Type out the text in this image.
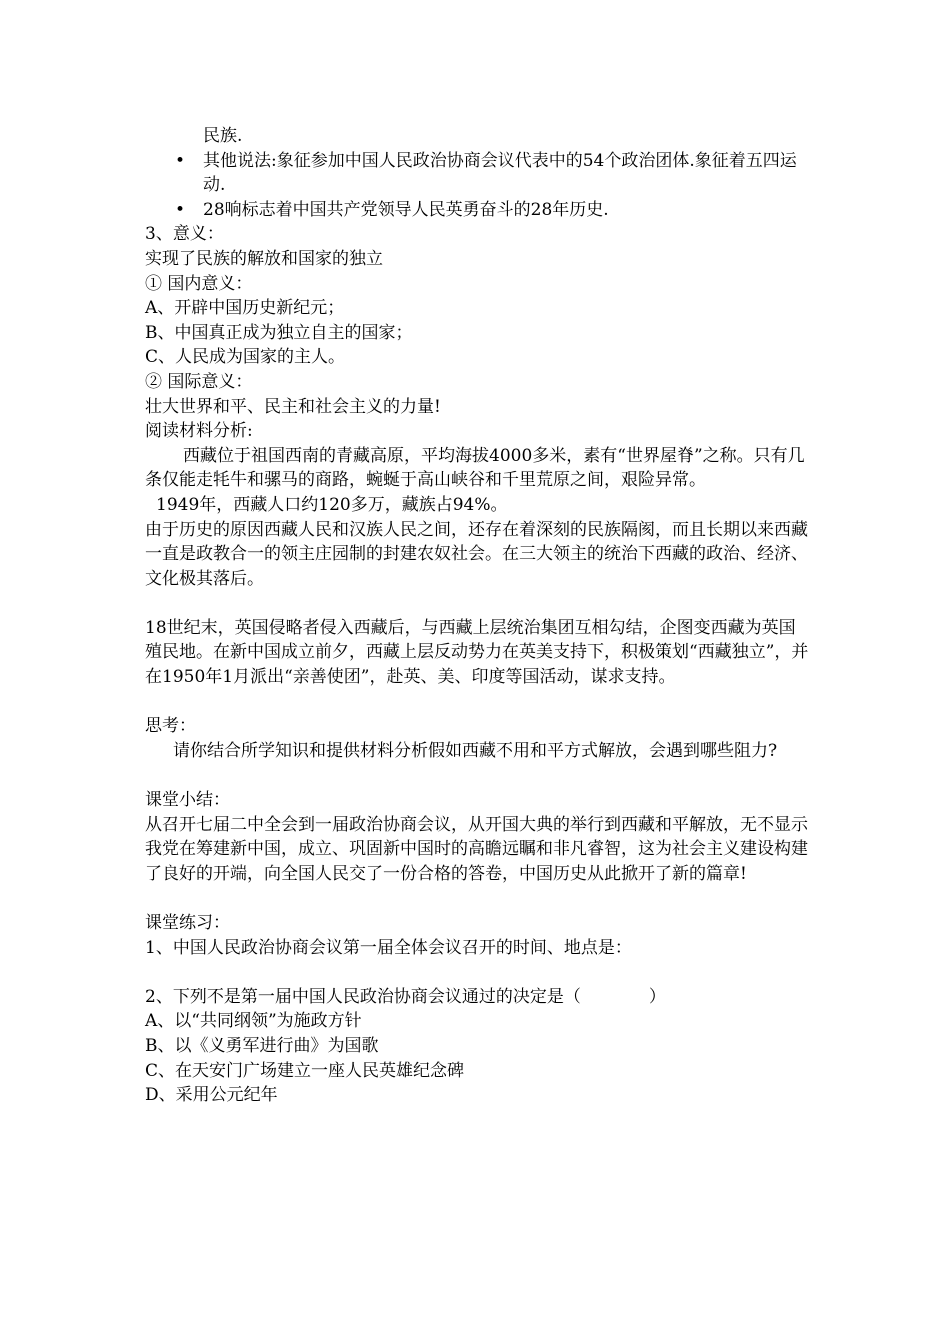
民族.

•	其他说法:象征参加中国人民政治协商会议代表中的54个政治团体.象征着五四运动.
•	28响标志着中国共产党领导人民英勇奋斗的28年历史.

3、意义：

实现了民族的解放和国家的独立

① 国内意义：

A、开辟中国历史新纪元；

B、中国真正成为独立自主的国家；

C、人民成为国家的主人。

② 国际意义：

壮大世界和平、民主和社会主义的力量!

阅读材料分析:

西藏位于祖国西南的青藏高原，平均海拔4000多米，素有“世界屋脊”之称。只有几条仅能走牦牛和骡马的商路，蜿蜒于高山峡谷和千里荒原之间，艰险异常。

1949年，西藏人口约120多万，藏族占94%。

由于历史的原因西藏人民和汉族人民之间，还存在着深刻的民族隔阂，而且长期以来西藏一直是政教合一的领主庄园制的封建农奴社会。在三大领主的统治下西藏的政治、经济、文化极其落后。

18世纪末，英国侵略者侵入西藏后，与西藏上层统治集团互相勾结，企图变西藏为英国殖民地。在新中国成立前夕，西藏上层反动势力在英美支持下，积极策划“西藏独立”，并在1950年1月派出“亲善使团”，赴英、美、印度等国活动，谋求支持。

思考：

请你结合所学知识和提供材料分析假如西藏不用和平方式解放，会遇到哪些阻力?

课堂小结：

从召开七届二中全会到一届政治协商会议，从开国大典的举行到西藏和平解放，无不显示我党在筹建新中国，成立、巩固新中国时的高瞻远瞩和非凡睿智，这为社会主义建设构建了良好的开端，向全国人民交了一份合格的答卷，中国历史从此掀开了新的篇章!

课堂练习：

1、中国人民政治协商会议第一届全体会议召开的时间、地点是：

2、下列不是第一届中国人民政治协商会议通过的决定是（　　　　）

A、以“共同纲领”为施政方针

B、以《义勇军进行曲》为国歌

C、在天安门广场建立一座人民英雄纪念碑

D、采用公元纪年
